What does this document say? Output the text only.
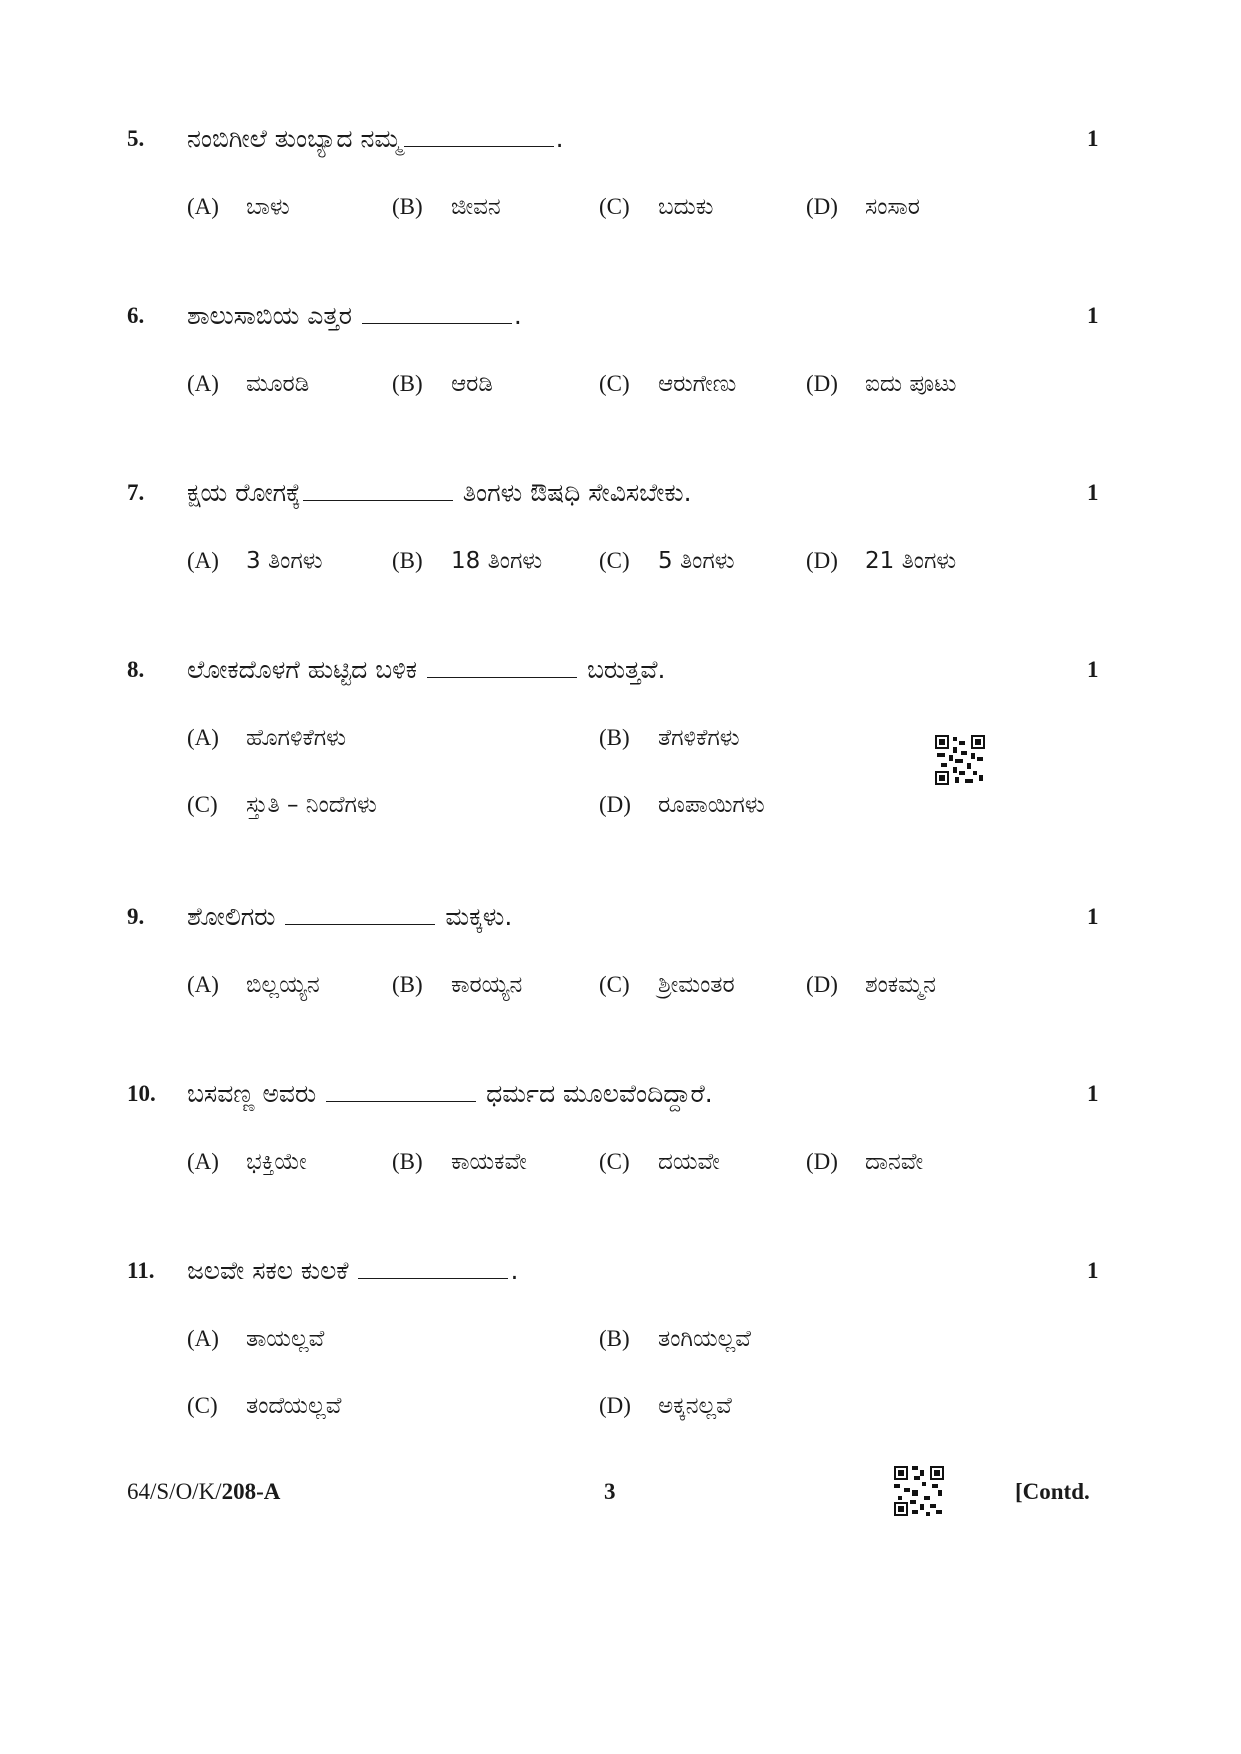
5. ನಂಬಿಗೀಲೆ ತುಂಬ್ಯಾದ ನಮ್ಮ	.	1
(A) ಬಾಳು	(B) ಜೀವನ	(C) ಬದುಕು	(D) ಸಂಸಾರ
6. ಶಾಲುಸಾಬಿಯ ಎತ್ತರ	.	1
(A) ಮೂರಡಿ	(B) ಆರಡಿ	(C) ಆರುಗೇಣು	(D) ಐದು ಪೂಟು
7. ಕ್ಷಯ ರೋಗಕ್ಕೆ	ತಿಂಗಳು ಔಷಧಿ ಸೇವಿಸಬೇಕು.	1
(A) 3 ತಿಂಗಳು	(B) 18 ತಿಂಗಳು (C) 5 ತಿಂಗಳು	(D) 21 ತಿಂಗಳು
8. ಲೋಕದೊಳಗೆ ಹುಟ್ಟಿದ ಬಳಿಕ	ಬರುತ್ತವೆ.	1
(A) ಹೊಗಳಿಕೆಗಳು	(B) ತೆಗಳಿಕೆಗಳು
(C) ಸ್ತುತಿ – ನಿಂದೆಗಳು	(D) ರೂಪಾಯಿಗಳು
9. ಶೋಲಿಗರು	ಮಕ್ಕಳು.	1
(A) ಬಿಲ್ಲಯ್ಯನ	(B) ಕಾರಯ್ಯನ	(C) ಶ್ರೀಮಂತರ	(D) ಶಂಕಮ್ಮನ
10. ಬಸವಣ್ಣ ಅವರು	ಧರ್ಮದ ಮೂಲವೆಂದಿದ್ದಾರೆ.	1
(A) ಭಕ್ತಿಯೇ	(B) ಕಾಯಕವೇ	(C) ದಯವೇ	(D) ದಾನವೇ
11. ಜಲವೇ ಸಕಲ ಕುಲಕೆ	.	1
(A) ತಾಯಲ್ಲವೆ	(B) ತಂಗಿಯಲ್ಲವೆ
(C) ತಂದೆಯಲ್ಲವೆ	(D) ಅಕ್ಕನಲ್ಲವೆ
64/S/O/K/208-A	3	[Contd.
